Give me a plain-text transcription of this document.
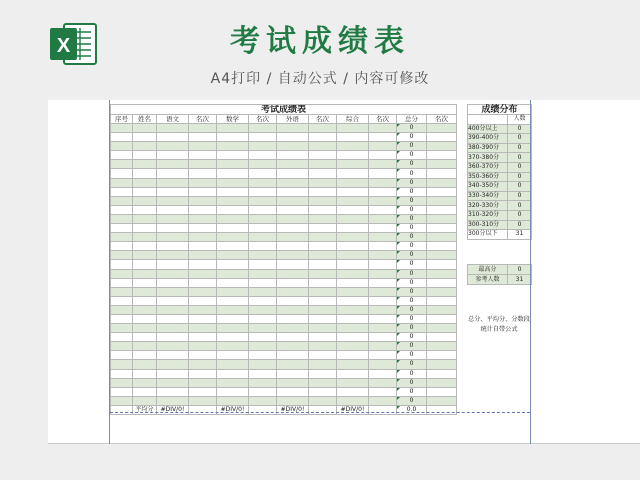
X	考试成绩表
A4打印 / 自动公式 / 内容可修改
考试成绩表											
序号	姓名	语文	名次	数学	名次	外语	名次	综合	名次	总分	名次
										0	
										0	
										0	
										0	
										0	
										0	
										0	
										0	
										0	
										0	
										0	
										0	
										0	
										0	
										0	
										0	
										0	
										0	
										0	
										0	
										0	
										0	
										0	
										0	
										0	
										0	
										0	
										0	
										0	
										0	
										0	
	平均分	#DIV/0!		#DIV/0!		#DIV/0!		#DIV/0!		0.0	
成绩分布	
	人数
400分以上	0
390-400分	0
380-390分	0
370-380分	0
360-370分	0
350-360分	0
340-350分	0
330-340分	0
320-330分	0
310-320分	0
300-310分	0
300分以下	31
最高分	0
参考人数	31
总分、平均分、分数段统计自带公式
